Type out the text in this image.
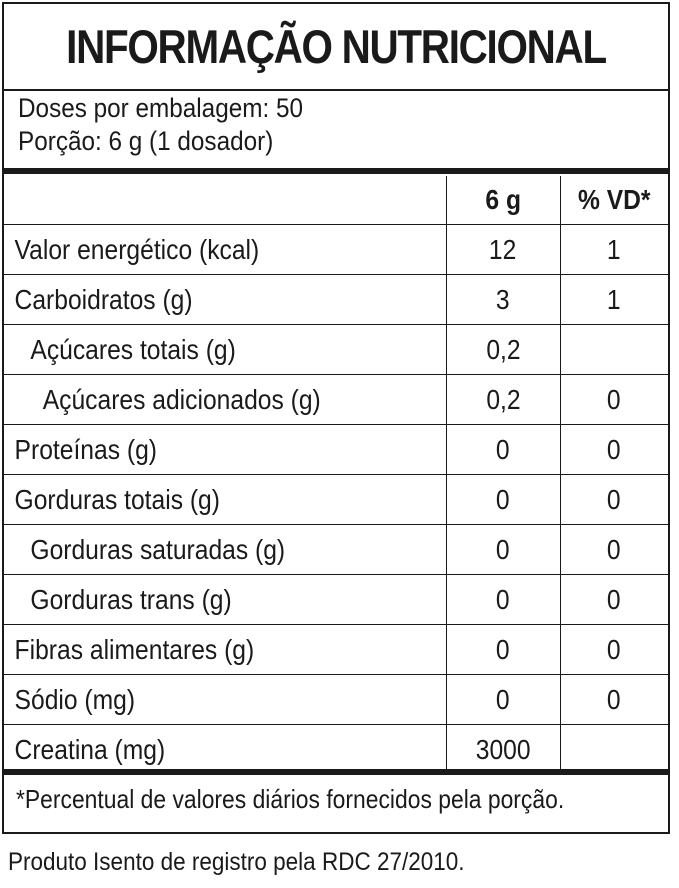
INFORMAÇÃO NUTRICIONAL
Doses por embalagem: 50
Porção: 6 g (1 dosador)
	6 g	% VD*
Valor energético (kcal)	12	1
Carboidratos (g)	3	1
Açúcares totais (g)	0,2	
Açúcares adicionados (g)	0,2	0
Proteínas (g)	0	0
Gorduras totais (g)	0	0
Gorduras saturadas (g)	0	0
Gorduras trans (g)	0	0
Fibras alimentares (g)	0	0
Sódio (mg)	0	0
Creatina (mg)	3000	
*Percentual de valores diários fornecidos pela porção.
Produto Isento de registro pela RDC 27/2010.
